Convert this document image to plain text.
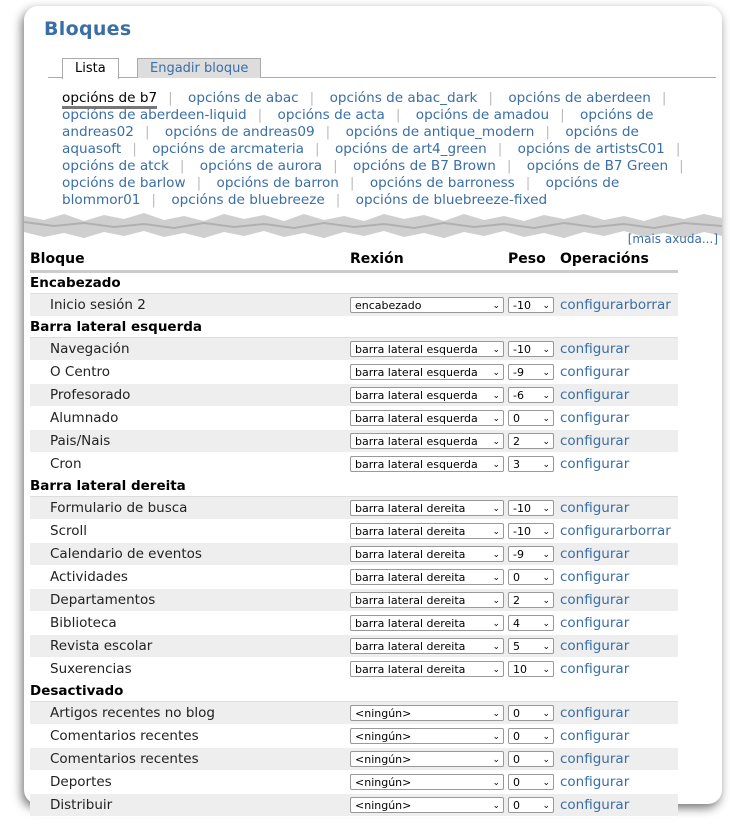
Bloques
Lista	Engadir bloque
opcións de b7 | opcións de abac | opcións de abac_dark | opcións de aberdeen | opcións de aberdeen-liquid | opcións de acta | opcións de amadou | opcións de andreas02 | opcións de andreas09 | opcións de antique_modern | opcións de aquasoft | opcións de arcmateria | opcións de art4_green | opcións de artistsC01 | opcións de atck | opcións de aurora | opcións de B7 Brown | opcións de B7 Green | opcións de barlow | opcións de barron | opcións de barroness | opcións de blommor01 | opcións de bluebreeze | opcións de bluebreeze-fixed
[mais axuda...]
Bloque	Rexión	Peso	Operacións
Encabezado			
Inicio sesión 2	encabezado ⌄	-10 ⌄	configurarborrar
Barra lateral esquerda			
Navegación	barra lateral esquerda ⌄	-10 ⌄	configurar
O Centro	barra lateral esquerda ⌄	-9 ⌄	configurar
Profesorado	barra lateral esquerda ⌄	-6 ⌄	configurar
Alumnado	barra lateral esquerda ⌄	0 ⌄	configurar
Pais/Nais	barra lateral esquerda ⌄	2 ⌄	configurar
Cron	barra lateral esquerda ⌄	3 ⌄	configurar
Barra lateral dereita			
Formulario de busca	barra lateral dereita ⌄	-10 ⌄	configurar
Scroll	barra lateral dereita ⌄	-10 ⌄	configurarborrar
Calendario de eventos	barra lateral dereita ⌄	-9 ⌄	configurar
Actividades	barra lateral dereita ⌄	0 ⌄	configurar
Departamentos	barra lateral dereita ⌄	2 ⌄	configurar
Biblioteca	barra lateral dereita ⌄	4 ⌄	configurar
Revista escolar	barra lateral dereita ⌄	5 ⌄	configurar
Suxerencias	barra lateral dereita ⌄	10 ⌄	configurar
Desactivado			
Artigos recentes no blog	<ningún> ⌄	0 ⌄	configurar
Comentarios recentes	<ningún> ⌄	0 ⌄	configurar
Comentarios recentes	<ningún> ⌄	0 ⌄	configurar
Deportes	<ningún> ⌄	0 ⌄	configurar
Distribuir	<ningún> ⌄	0 ⌄	configurar
